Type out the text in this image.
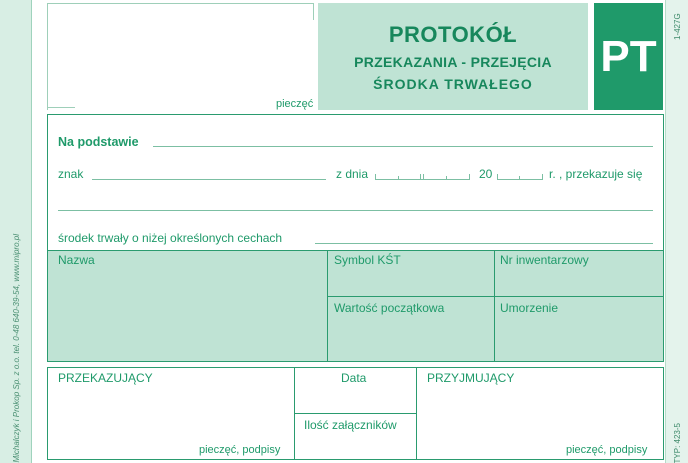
Michalczyk i Prokop Sp. z o.o. tel. 0-48 640-39-54, www.mipro.pl
1-427G
TYP: 423-5
pieczęć
PROTOKÓŁ
PRZEKAZANIA - PRZEJĘCIA
ŚRODKA TRWAŁEGO
PT
Na podstawie
znak	z dnia	20	r. , przekazuje się
środek trwały o niżej określonych cechach
Nazwa	Symbol KŚT	Nr inwentarzowy
Wartość początkowa	Umorzenie
PRZEKAZUJĄCY	Data
Ilość załączników
PRZYJMUJĄCY
pieczęć, podpisy	pieczęć, podpisy
